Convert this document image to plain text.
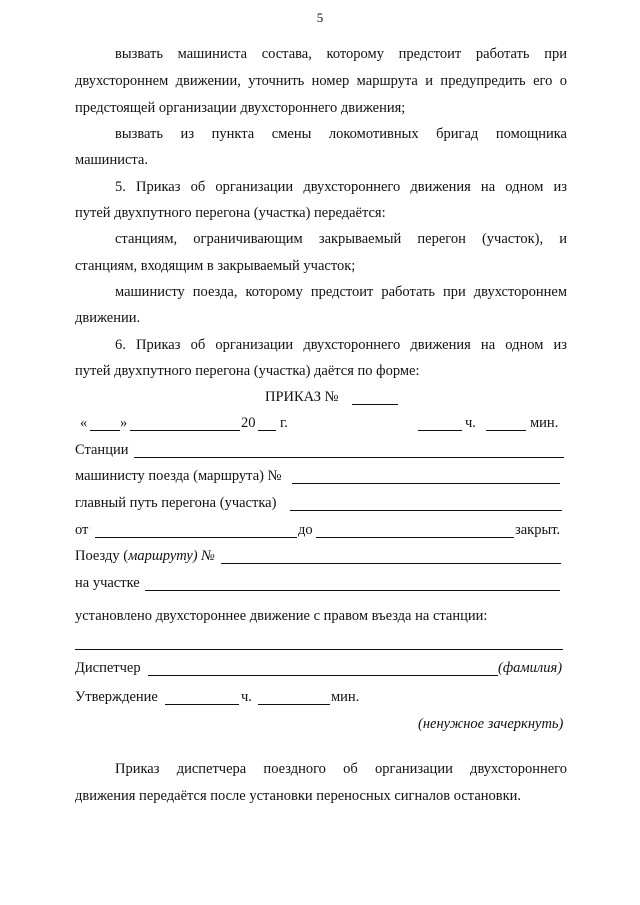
5
вызвать машиниста состава, которому предстоит работать при
двухстороннем движении, уточнить номер маршрута и предупредить его о
предстоящей организации двухстороннего движения;
вызвать из пункта смены локомотивных бригад помощника
машиниста.
5. Приказ об организации двухстороннего движения на одном из
путей двухпутного перегона (участка) передаётся:
станциям, ограничивающим закрываемый перегон (участок), и
станциям, входящим в закрываемый участок;
машинисту поезда, которому предстоит работать при двухстороннем
движении.
6. Приказ об организации двухстороннего движения на одном из
путей двухпутного перегона (участка) даётся по форме:
ПРИКАЗ №
« »	20 г.	ч.	мин.
Станции
машинисту поезда (маршрута) №
главный путь перегона (участка)
от	до	закрыт.
Поезду (маршруту) №
на участке
установлено двухстороннее движение с правом въезда на станции:
Диспетчер	(фамилия)
Утверждение	ч.	мин.
(ненужное зачеркнуть)
Приказ диспетчера поездного об организации двухстороннего
движения передаётся после установки переносных сигналов остановки.
